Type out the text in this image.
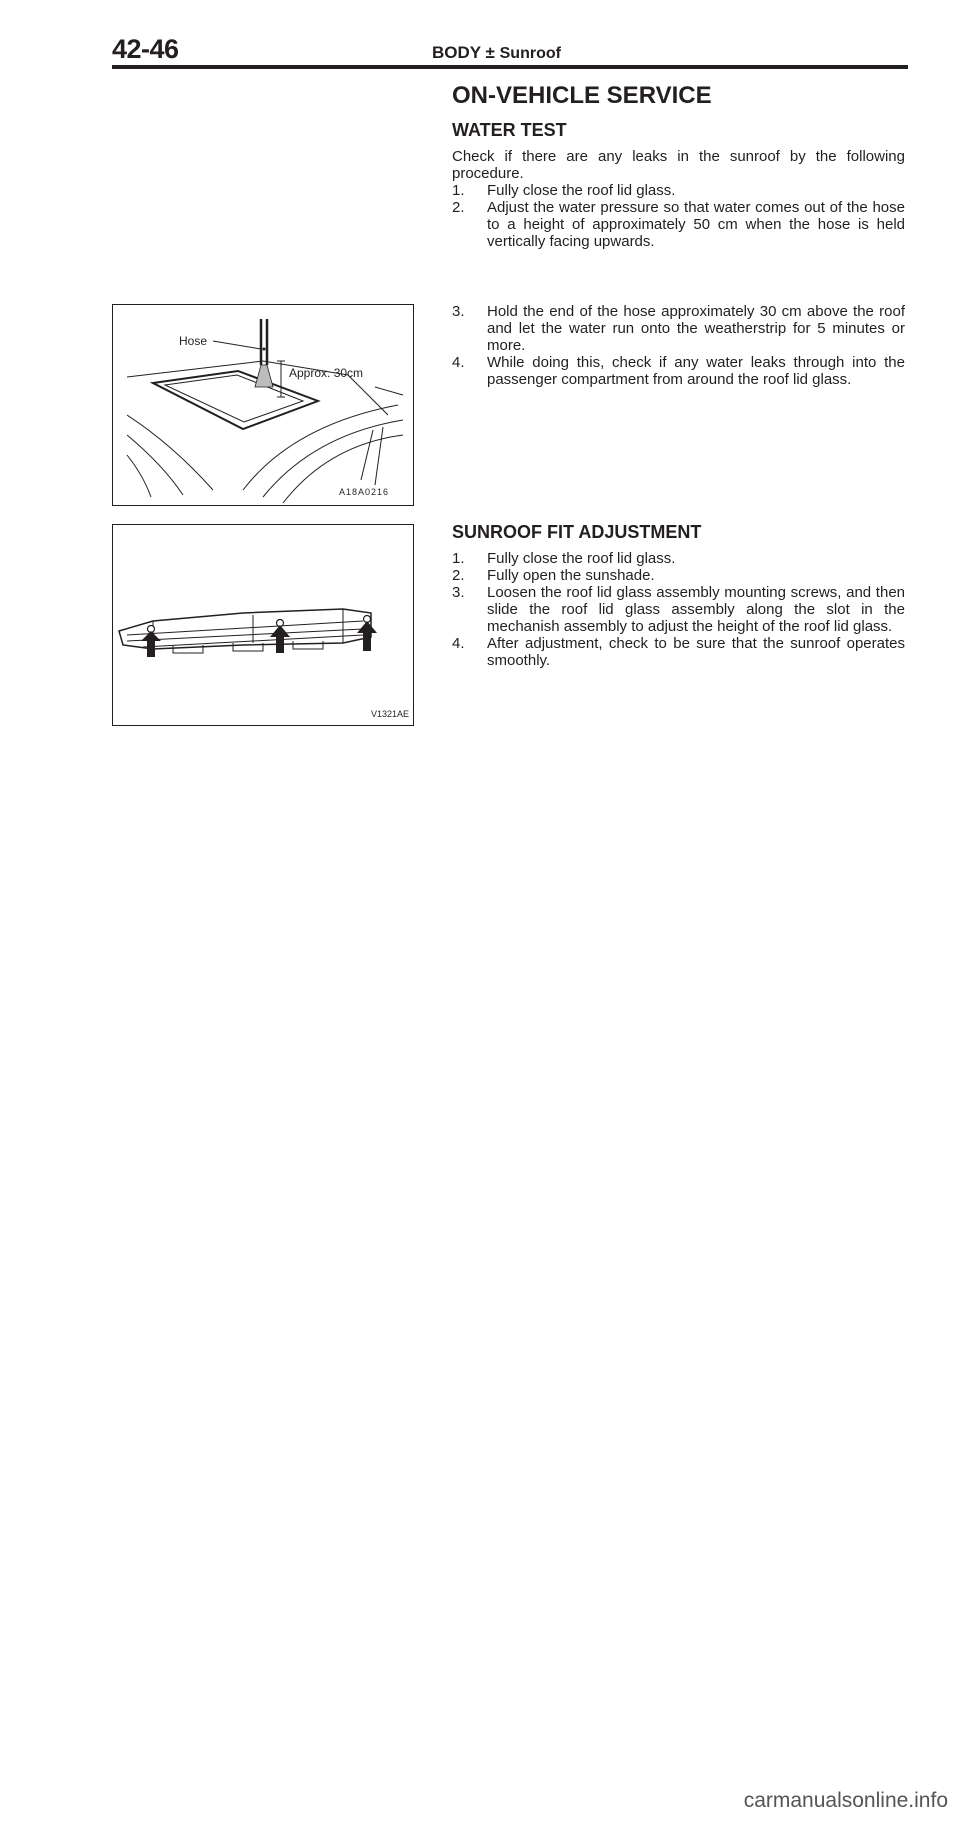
42-46	BODY ± Sunroof
ON-VEHICLE SERVICE
WATER TEST

Check if there are any leaks in the sunroof by the following procedure.

1. Fully close the roof lid glass.
2. Adjust the water pressure so that water comes out of the hose to a height of approximately 50 cm when the hose is held vertically facing upwards.
3. Hold the end of the hose approximately 30 cm above the roof and let the water run onto the weatherstrip for 5 minutes or more.
4. While doing this, check if any water leaks through into the passenger compartment from around the roof lid glass.
Hose
Approx. 30cm
A18A0216
SUNROOF FIT ADJUSTMENT
1. Fully close the roof lid glass.
2. Fully open the sunshade.
3. Loosen the roof lid glass assembly mounting screws, and then slide the roof lid glass assembly along the slot in the mechanish assembly to adjust the height of the roof lid glass.
4. After adjustment, check to be sure that the sunroof operates smoothly.
V1321AE
carmanualsonline.info
